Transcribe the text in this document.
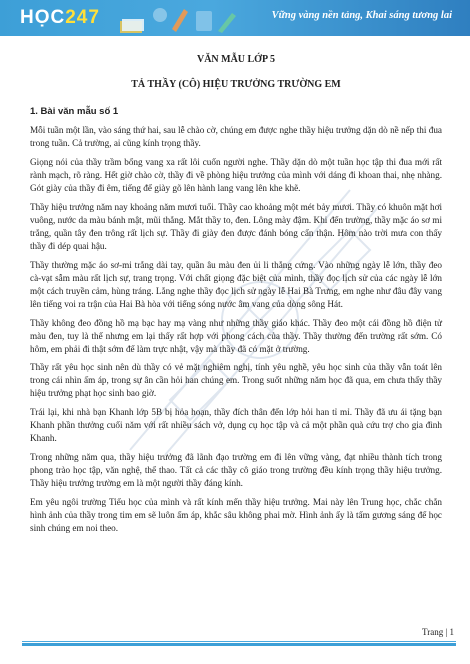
HỌC247	Vững vàng nền tảng, Khai sáng tương lai

VĂN MẪU LỚP 5

TẢ THẦY (CÔ) HIỆU TRƯỞNG TRƯỜNG EM

1. Bài văn mẫu số 1

Mỗi tuần một lần, vào sáng thứ hai, sau lễ chào cờ, chúng em được nghe thầy hiệu trưởng dặn dò nề nếp thi đua trong tuần. Cả trường, ai cũng kính trọng thầy.

Giọng nói của thầy trầm bổng vang xa rất lôi cuốn người nghe. Thầy dặn dò một tuần học tập thi đua mới rất rành mạch, rõ ràng. Hết giờ chào cờ, thầy đi về phòng hiệu trưởng của mình với dáng đi khoan thai, nhẹ nhàng. Gót giày của thầy đi êm, tiếng để giày gõ lên hành lang vang lên khe khẽ.

Thầy hiệu trưởng năm nay khoảng năm mươi tuổi. Thầy cao khoảng một mét bảy mươi. Thầy có khuôn mặt hơi vuông, nước da màu bánh mật, mũi thẳng. Mắt thầy to, đen. Lông mày đậm. Khi đến trường, thầy mặc áo sơ mi trắng, quần tây đen trông rất lịch sự. Thầy đi giày đen được đánh bóng cẩn thận. Hôm nào trời mưa con thấy thầy đi dép quai hậu.

Thầy thường mặc áo sơ-mi trắng dài tay, quần âu màu đen ủi li thẳng cứng. Vào những ngày lễ lớn, thầy đeo cà-vạt sẫm màu rất lịch sự, trang trọng. Với chất giọng đặc biệt của mình, thầy đọc lịch sử của các ngày lễ lớn một cách truyền cảm, hùng tráng. Lắng nghe thầy đọc lịch sử ngày lễ Hai Bà Trưng, em nghe như đâu đây vang lên tiếng voi ra trận của Hai Bà hòa với tiếng sóng nước âm vang của dòng sông Hát.

Thầy không đeo đồng hồ mạ bạc hay mạ vàng như những thầy giáo khác. Thầy đeo một cái đồng hồ điện tử màu đen, tuy là thế nhưng em lại thấy rất hợp với phong cách của thầy. Thầy thường đến trường rất sớm. Có hôm, em phải đi thật sớm để làm trực nhật, vậy mà thầy đã có mặt ở trường.

Thầy rất yêu học sinh nên dù thầy có vẻ mặt nghiêm nghị, tính yêu nghề, yêu học sinh của thầy vẫn toát lên trong cái nhìn ấm áp, trong sự ân cần hỏi han chúng em. Trong suốt những năm học đã qua, em chưa thấy thầy hiệu trưởng phạt học sinh bao giờ.

Trái lại, khi nhà bạn Khanh lớp 5B bị hỏa hoạn, thầy đích thân đến lớp hỏi han tỉ mỉ. Thầy đã ưu ái tặng bạn Khanh phần thưởng cuối năm với rất nhiều sách vở, dụng cụ học tập và cả một phần quà cứu trợ cho gia đình Khanh.

Trong những năm qua, thầy hiệu trưởng đã lãnh đạo trường em đi lên vững vàng, đạt nhiều thành tích trong phong trào học tập, văn nghệ, thể thao. Tất cả các thầy cô giáo trong trường đều kính trọng thầy hiệu trưởng. Thầy hiệu trưởng trường em là một người thầy đáng kính.

Em yêu ngôi trường Tiểu học của mình và rất kính mến thầy hiệu trưởng. Mai này lên Trung học, chắc chắn hình ảnh của thầy trong tim em sẽ luôn ấm áp, khắc sâu không phai mờ. Hình ảnh ấy là tấm gương sáng để học sinh chúng em noi theo.

Trang | 1
